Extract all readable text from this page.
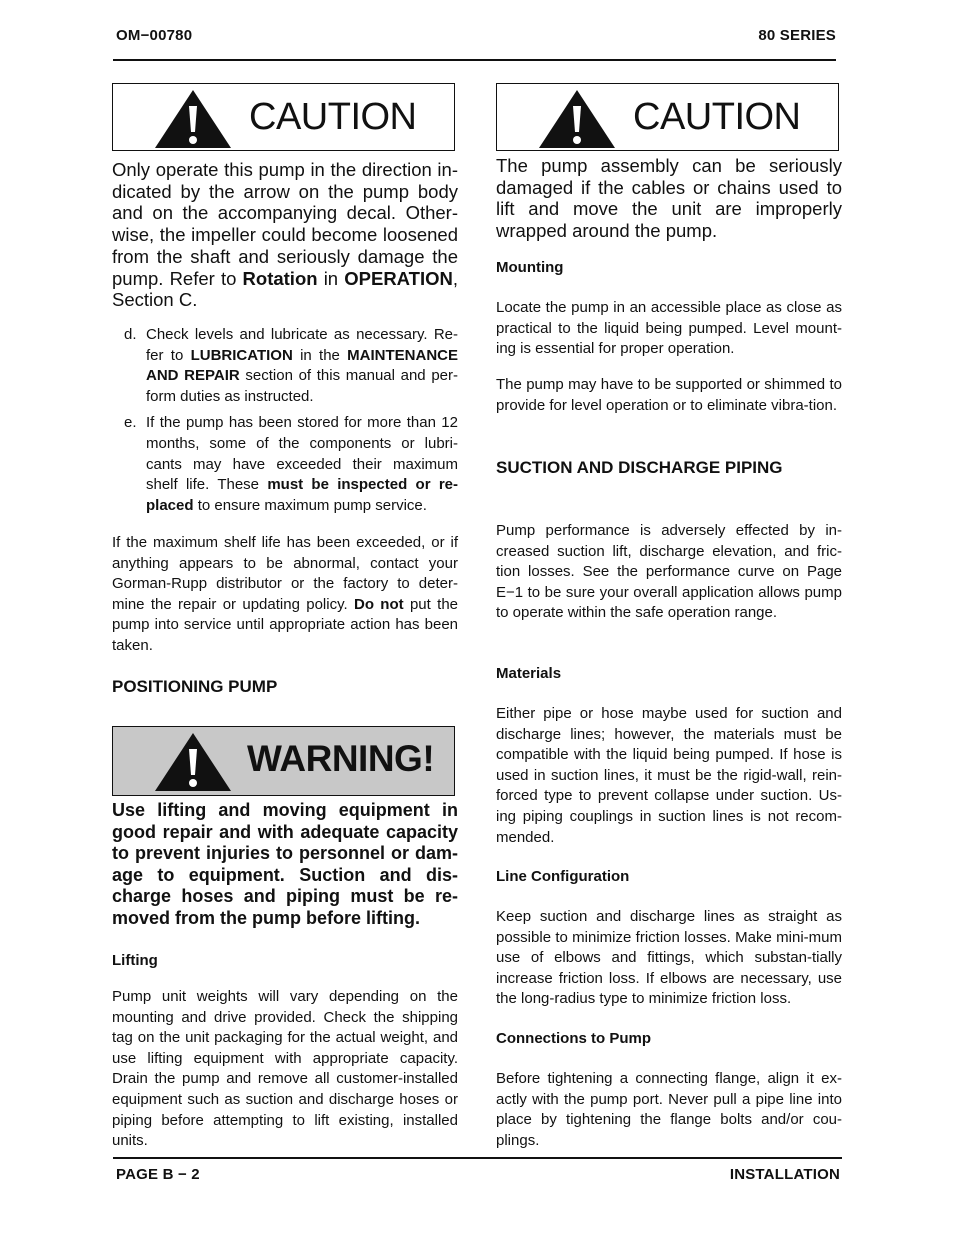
OM−00780	80 SERIES
CAUTION

Only operate this pump in the direction in-dicated by the arrow on the pump body and on the accompanying decal. Other-wise, the impeller could become loosened from the shaft and seriously damage the pump. Refer to Rotation in OPERATION, Section C.

d. Check levels and lubricate as necessary. Re-fer to LUBRICATION in the MAINTENANCE AND REPAIR section of this manual and per-form duties as instructed.
e. If the pump has been stored for more than 12 months, some of the components or lubri-cants may have exceeded their maximum shelf life. These must be inspected or re-placed to ensure maximum pump service.

If the maximum shelf life has been exceeded, or if anything appears to be abnormal, contact your Gorman-Rupp distributor or the factory to deter-mine the repair or updating policy. Do not put the pump into service until appropriate action has been taken.

POSITIONING PUMP
WARNING!

Use lifting and moving equipment in good repair and with adequate capacity to prevent injuries to personnel or dam-age to equipment. Suction and dis-charge hoses and piping must be re-moved from the pump before lifting.

Lifting

Pump unit weights will vary depending on the mounting and drive provided. Check the shipping tag on the unit packaging for the actual weight, and use lifting equipment with appropriate capacity. Drain the pump and remove all customer-installed equipment such as suction and discharge hoses or piping before attempting to lift existing, installed units.

CAUTION

The pump assembly can be seriously damaged if the cables or chains used to lift and move the unit are improperly wrapped around the pump.

Mounting

Locate the pump in an accessible place as close as practical to the liquid being pumped. Level mount-ing is essential for proper operation.

The pump may have to be supported or shimmed to provide for level operation or to eliminate vibra-tion.

SUCTION AND DISCHARGE PIPING

Pump performance is adversely effected by in-creased suction lift, discharge elevation, and fric-tion losses. See the performance curve on Page E−1 to be sure your overall application allows pump to operate within the safe operation range.

Materials

Either pipe or hose maybe used for suction and discharge lines; however, the materials must be compatible with the liquid being pumped. If hose is used in suction lines, it must be the rigid-wall, rein-forced type to prevent collapse under suction. Us-ing piping couplings in suction lines is not recom-mended.

Line Configuration

Keep suction and discharge lines as straight as possible to minimize friction losses. Make mini-mum use of elbows and fittings, which substan-tially increase friction loss. If elbows are necessary, use the long-radius type to minimize friction loss.

Connections to Pump

Before tightening a connecting flange, align it ex-actly with the pump port. Never pull a pipe line into place by tightening the flange bolts and/or cou-plings.

PAGE B − 2	INSTALLATION
